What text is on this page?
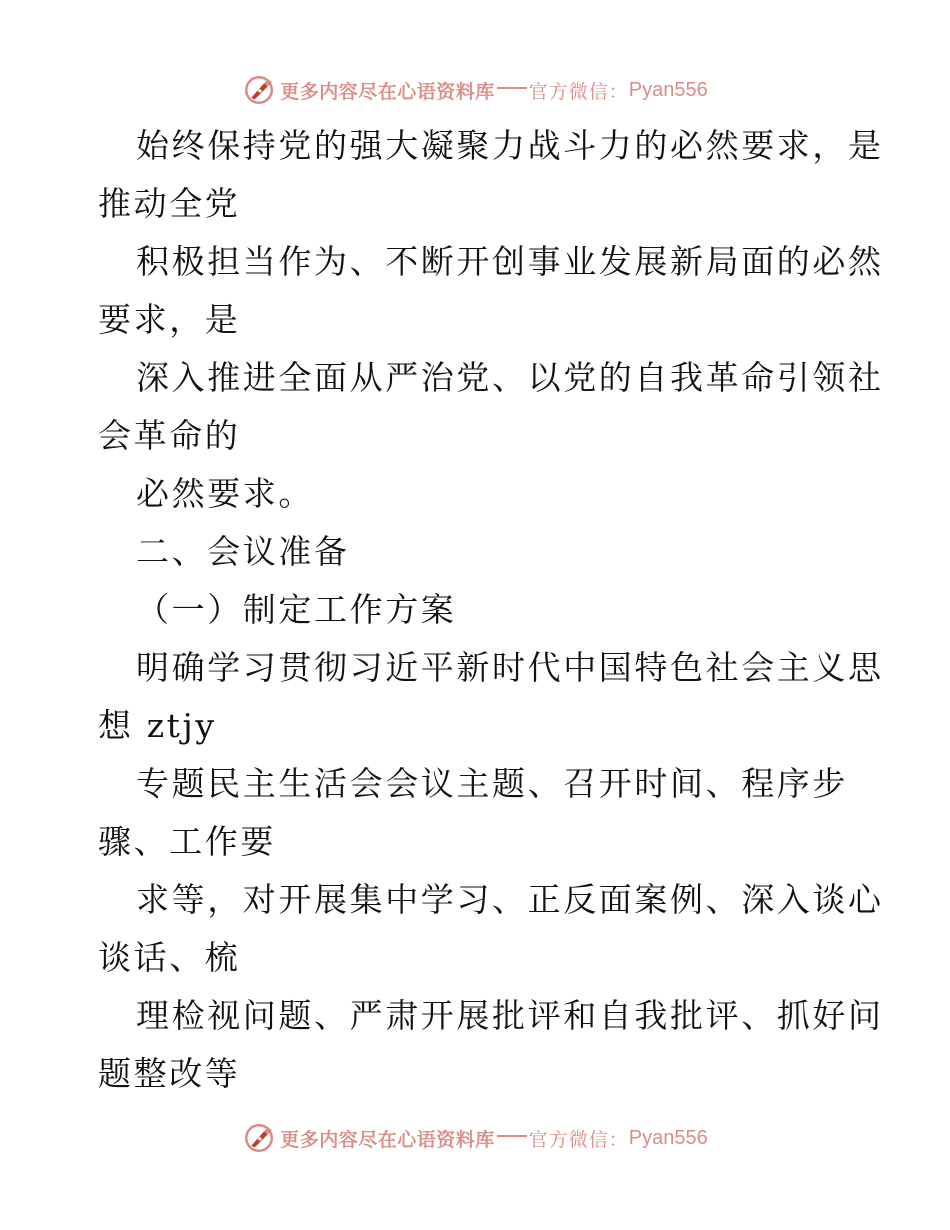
更多内容尽在心语资料库 官方微信： Pyan556
始终保持党的强大凝聚力战斗力的必然要求，是
推动全党
积极担当作为、不断开创事业发展新局面的必然
要求，是
深入推进全面从严治党、以党的自我革命引领社
会革命的
必然要求。
二、会议准备
（一）制定工作方案
明确学习贯彻习近平新时代中国特色社会主义思
想 ztjy
专题民主生活会会议主题、召开时间、程序步
骤、工作要
求等，对开展集中学习、正反面案例、深入谈心
谈话、梳
理检视问题、严肃开展批评和自我批评、抓好问
题整改等
更多内容尽在心语资料库 官方微信： Pyan556
